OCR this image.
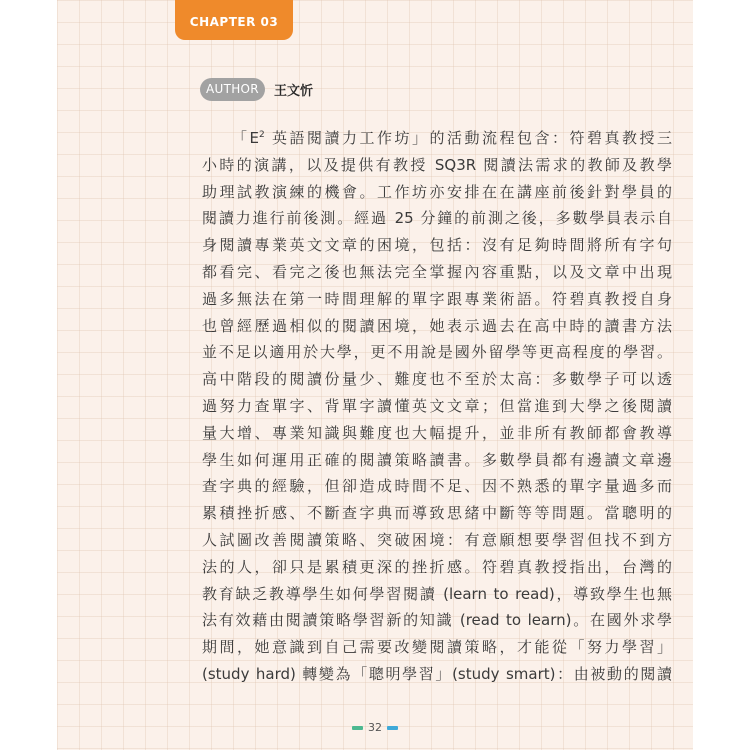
CHAPTER 03
AUTHOR	王文忻
「$E^2$ 英語閱讀力工作坊」的活動流程包含：符碧真教授三
小時的演講，以及提供有教授 SQ3R 閱讀法需求的教師及教學
助理試教演練的機會。工作坊亦安排在在講座前後針對學員的
閱讀力進行前後測。經過 25 分鐘的前測之後，多數學員表示自
身閱讀專業英文文章的困境，包括：沒有足夠時間將所有字句
都看完、看完之後也無法完全掌握內容重點，以及文章中出現
過多無法在第一時間理解的單字跟專業術語。符碧真教授自身
也曾經歷過相似的閱讀困境，她表示過去在高中時的讀書方法
並不足以適用於大學，更不用說是國外留學等更高程度的學習。
高中階段的閱讀份量少、難度也不至於太高：多數學子可以透
過努力查單字、背單字讀懂英文文章；但當進到大學之後閱讀
量大增、專業知識與難度也大幅提升，並非所有教師都會教導
學生如何運用正確的閱讀策略讀書。多數學員都有邊讀文章邊
查字典的經驗，但卻造成時間不足、因不熟悉的單字量過多而
累積挫折感、不斷查字典而導致思緒中斷等等問題。當聰明的
人試圖改善閱讀策略、突破困境：有意願想要學習但找不到方
法的人，卻只是累積更深的挫折感。符碧真教授指出，台灣的
教育缺乏教導學生如何學習閱讀 (learn to read)，導致學生也無
法有效藉由閱讀策略學習新的知識 (read to learn)。在國外求學
期間，她意識到自己需要改變閱讀策略，才能從「努力學習」
(study hard) 轉變為「聰明學習」(study smart)：由被動的閱讀
32
